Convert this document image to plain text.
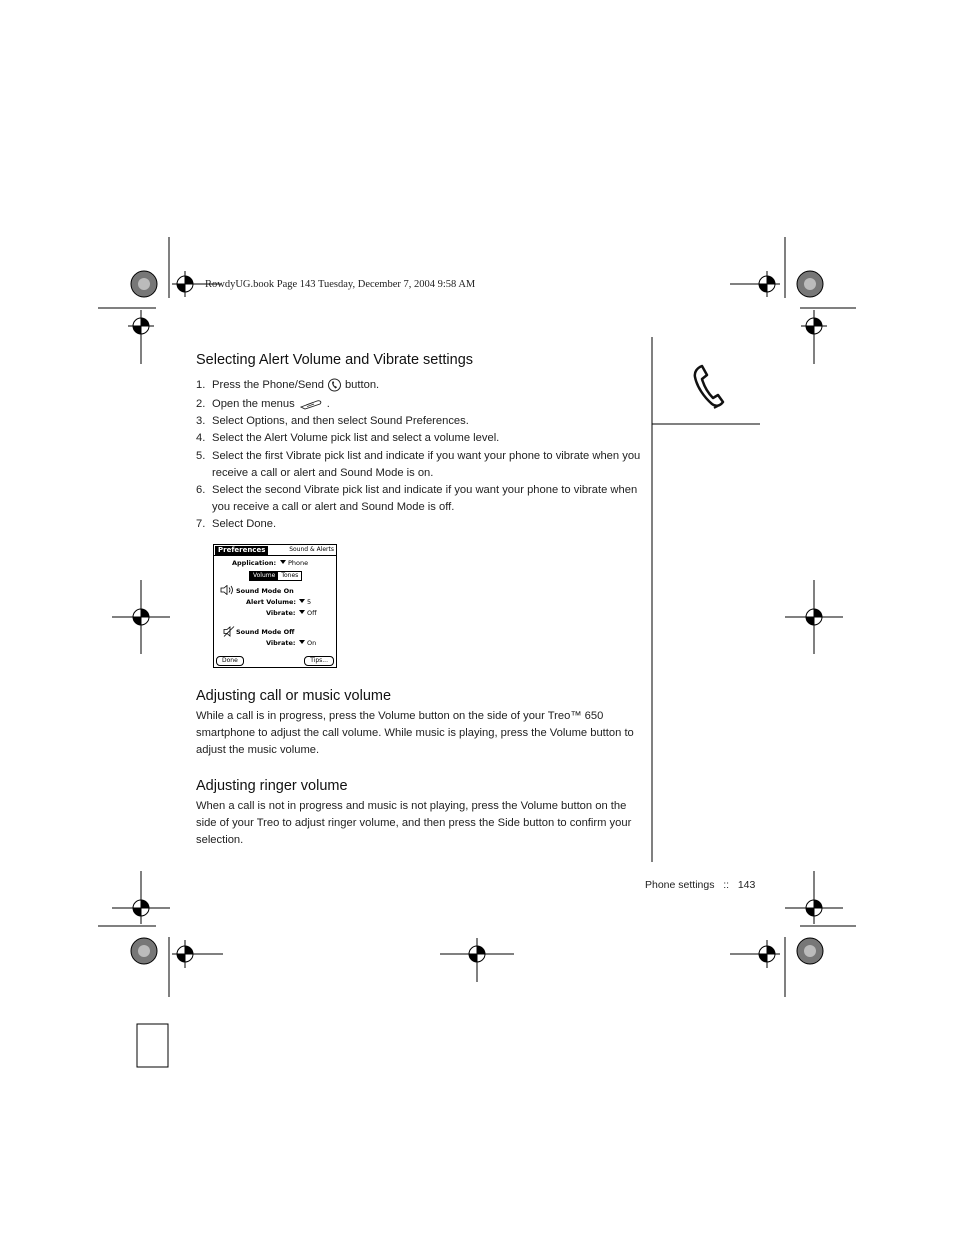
RowdyUG.book Page 143 Tuesday, December 7, 2004 9:58 AM
Selecting Alert Volume and Vibrate settings
1. Press the Phone/Send button.
2. Open the menus	.
3. Select Options, and then select Sound Preferences.
4. Select the Alert Volume pick list and select a volume level.
5. Select the first Vibrate pick list and indicate if you want your phone to vibrate when you receive a call or alert and Sound Mode is on.
6. Select the second Vibrate pick list and indicate if you want your phone to vibrate when you receive a call or alert and Sound Mode is off.
7. Select Done.
Preferences	Sound & Alerts
Application:	Phone
Volume	Tones
Sound Mode On
Alert Volume:	5
Vibrate:	Off
Sound Mode Off
Vibrate:	On
Done	Tips...
Adjusting call or music volume
While a call is in progress, press the Volume button on the side of your Treo™ 650 smartphone to adjust the call volume. While music is playing, press the Volume button to adjust the music volume.
Adjusting ringer volume
When a call is not in progress and music is not playing, press the Volume button on the side of your Treo to adjust ringer volume, and then press the Side button to confirm your selection.
Phone settings :: 143
